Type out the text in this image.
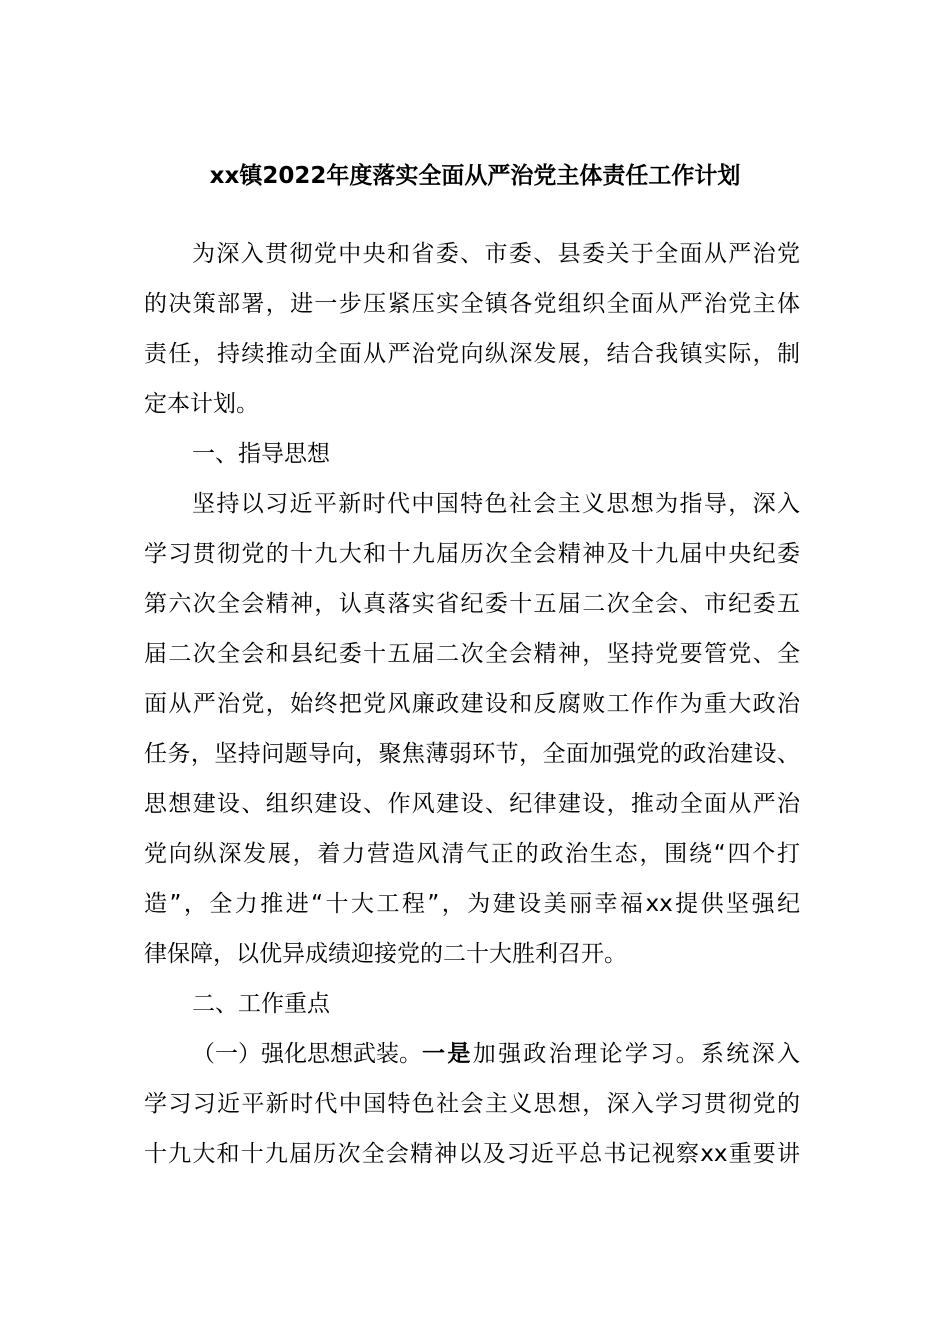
xx镇2022年度落实全面从严治党主体责任工作计划
为深入贯彻党中央和省委、市委、县委关于全面从严治党
的决策部署，进一步压紧压实全镇各党组织全面从严治党主体
责任，持续推动全面从严治党向纵深发展，结合我镇实际，制
定本计划。
一、指导思想
坚持以习近平新时代中国特色社会主义思想为指导，深入
学习贯彻党的十九大和十九届历次全会精神及十九届中央纪委
第六次全会精神，认真落实省纪委十五届二次全会、市纪委五
届二次全会和县纪委十五届二次全会精神，坚持党要管党、全
面从严治党，始终把党风廉政建设和反腐败工作作为重大政治
任务，坚持问题导向，聚焦薄弱环节，全面加强党的政治建设、
思想建设、组织建设、作风建设、纪律建设，推动全面从严治
党向纵深发展，着力营造风清气正的政治生态，围绕“四个打
造”，全力推进“十大工程”，为建设美丽幸福xx提供坚强纪
律保障，以优异成绩迎接党的二十大胜利召开。
二、工作重点
（一）强化思想武装。 一是加强政治理论学习。系统深入
学习习近平新时代中国特色社会主义思想，深入学习贯彻党的
十九大和十九届历次全会精神以及习近平总书记视察xx重要讲
